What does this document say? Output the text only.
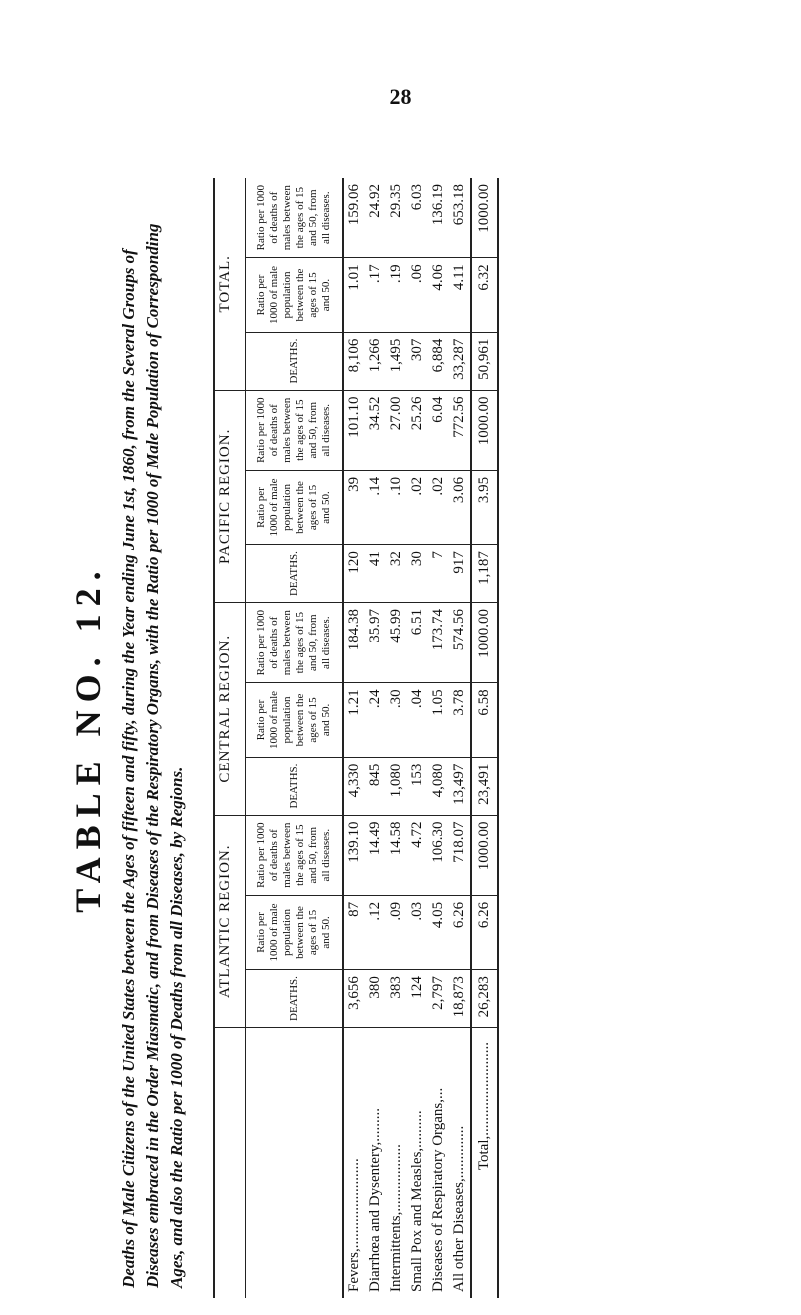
28
TABLE NO. 12. Deaths of Male Citizens of the United States between the Ages of fifteen and fifty, during the Year ending June 1st, 1860, from the Several Groups of Diseases embraced in the Order Miasmatic, and from Diseases of the Respiratory Organs, with the Ratio per 1000 of Male Population of Corresponding Ages, and also the Ratio per 1000 of Deaths from all Diseases, by Regions.
	ATLANTIC REGION.			CENTRAL REGION.			PACIFIC REGION.			TOTAL.		
	DEATHS.	Ratio per 1000 of male population between the ages of 15 and 50.	Ratio per 1000 of deaths of males between the ages of 15 and 50, from all diseases.	DEATHS.	Ratio per 1000 of male population between the ages of 15 and 50.	Ratio per 1000 of deaths of males between the ages of 15 and 50, from all diseases.	DEATHS.	Ratio per 1000 of male population between the ages of 15 and 50.	Ratio per 1000 of deaths of males between the ages of 15 and 50, from all diseases.	DEATHS.	Ratio per 1000 of male population between the ages of 15 and 50.	Ratio per 1000 of deaths of males between the ages of 15 and 50, from all diseases.
Fevers,........................	3,656	87	139.10	4,330	1.21	184.38	120	39	101.10	8,106	1.01	159.06
Diarrhœa and Dysentery,.........	380	.12	14.49	845	.24	35.97	41	.14	34.52	1,266	.17	24.92
Intermittents,..................	383	.09	14.58	1,080	.30	45.99	32	.10	27.00	1,495	.19	29.35
Small Pox and Measles,..........	124	.03	4.72	153	.04	6.51	30	.02	25.26	307	.06	6.03
Diseases of Respiratory Organs,...	2,797	4.05	106.30	4,080	1.05	173.74	7	.02	6.04	6,884	4.06	136.19
All other Diseases,..............	18,873	6.26	718.07	13,497	3.78	574.56	917	3.06	772.56	33,287	4.11	653.18
Total,.........................	26,283	6.26	1000.00	23,491	6.58	1000.00	1,187	3.95	1000.00	50,961	6.32	1000.00
